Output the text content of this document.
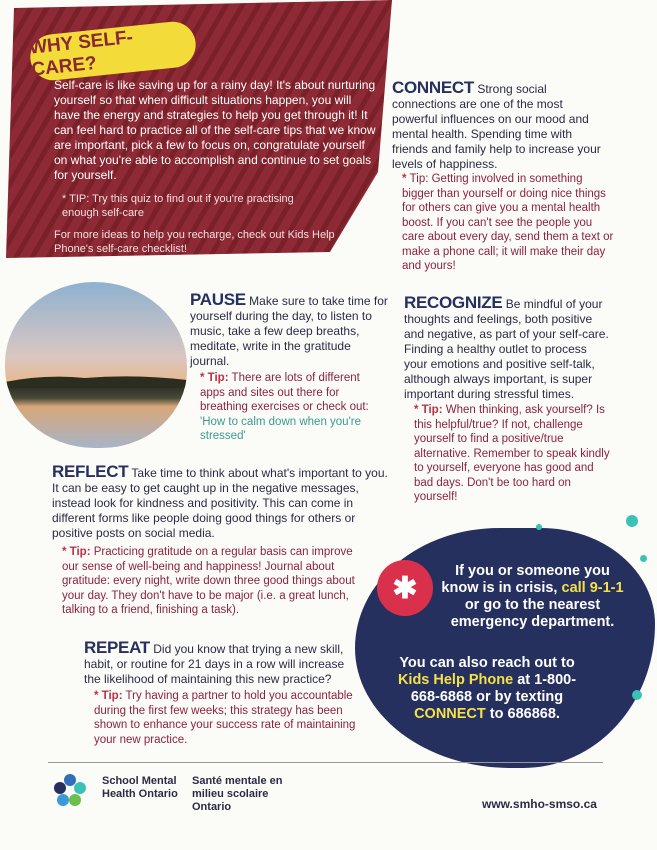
WHY SELF-CARE?
Self-care is like saving up for a rainy day! It's about nurturing yourself so that when difficult situations happen, you will have the energy and strategies to help you get through it! It can feel hard to practice all of the self-care tips that we know are important, pick a few to focus on, congratulate yourself on what you're able to accomplish and continue to set goals for yourself.
* TIP: Try this quiz to find out if you're practising enough self-care
For more ideas to help you recharge, check out Kids Help Phone's self-care checklist!
CONNECT Strong social connections are one of the most powerful influences on our mood and mental health. Spending time with friends and family help to increase your levels of happiness.
* Tip: Getting involved in something bigger than yourself or doing nice things for others can give you a mental health boost. If you can't see the people you care about every day, send them a text or make a phone call; it will make their day and yours!
PAUSE Make sure to take time for yourself during the day, to listen to music, take a few deep breaths, meditate, write in the gratitude journal.
* Tip: There are lots of different apps and sites out there for breathing exercises or check out: 'How to calm down when you're stressed'
RECOGNIZE Be mindful of your thoughts and feelings, both positive and negative, as part of your self-care. Finding a healthy outlet to process your emotions and positive self-talk, although always important, is super important during stressful times.
* Tip: When thinking, ask yourself? Is this helpful/true? If not, challenge yourself to find a positive/true alternative. Remember to speak kindly to yourself, everyone has good and bad days. Don't be too hard on yourself!
REFLECT Take time to think about what's important to you. It can be easy to get caught up in the negative messages, instead look for kindness and positivity. This can come in different forms like people doing good things for others or positive posts on social media.
* Tip: Practicing gratitude on a regular basis can improve our sense of well-being and happiness! Journal about gratitude: every night, write down three good things about your day. They don't have to be major (i.e. a great lunch, talking to a friend, finishing a task).
REPEAT Did you know that trying a new skill, habit, or routine for 21 days in a row will increase the likelihood of maintaining this new practice?
* Tip: Try having a partner to hold you accountable during the first few weeks; this strategy has been shown to enhance your success rate of maintaining your new practice.
✱
If you or someone you know is in crisis, call 9-1-1 or go to the nearest emergency department.
You can also reach out to Kids Help Phone at 1-800-668-6868 or by texting CONNECT to 686868.
School Mental Health Ontario
Santé mentale en milieu scolaire Ontario	www.smho-smso.ca
